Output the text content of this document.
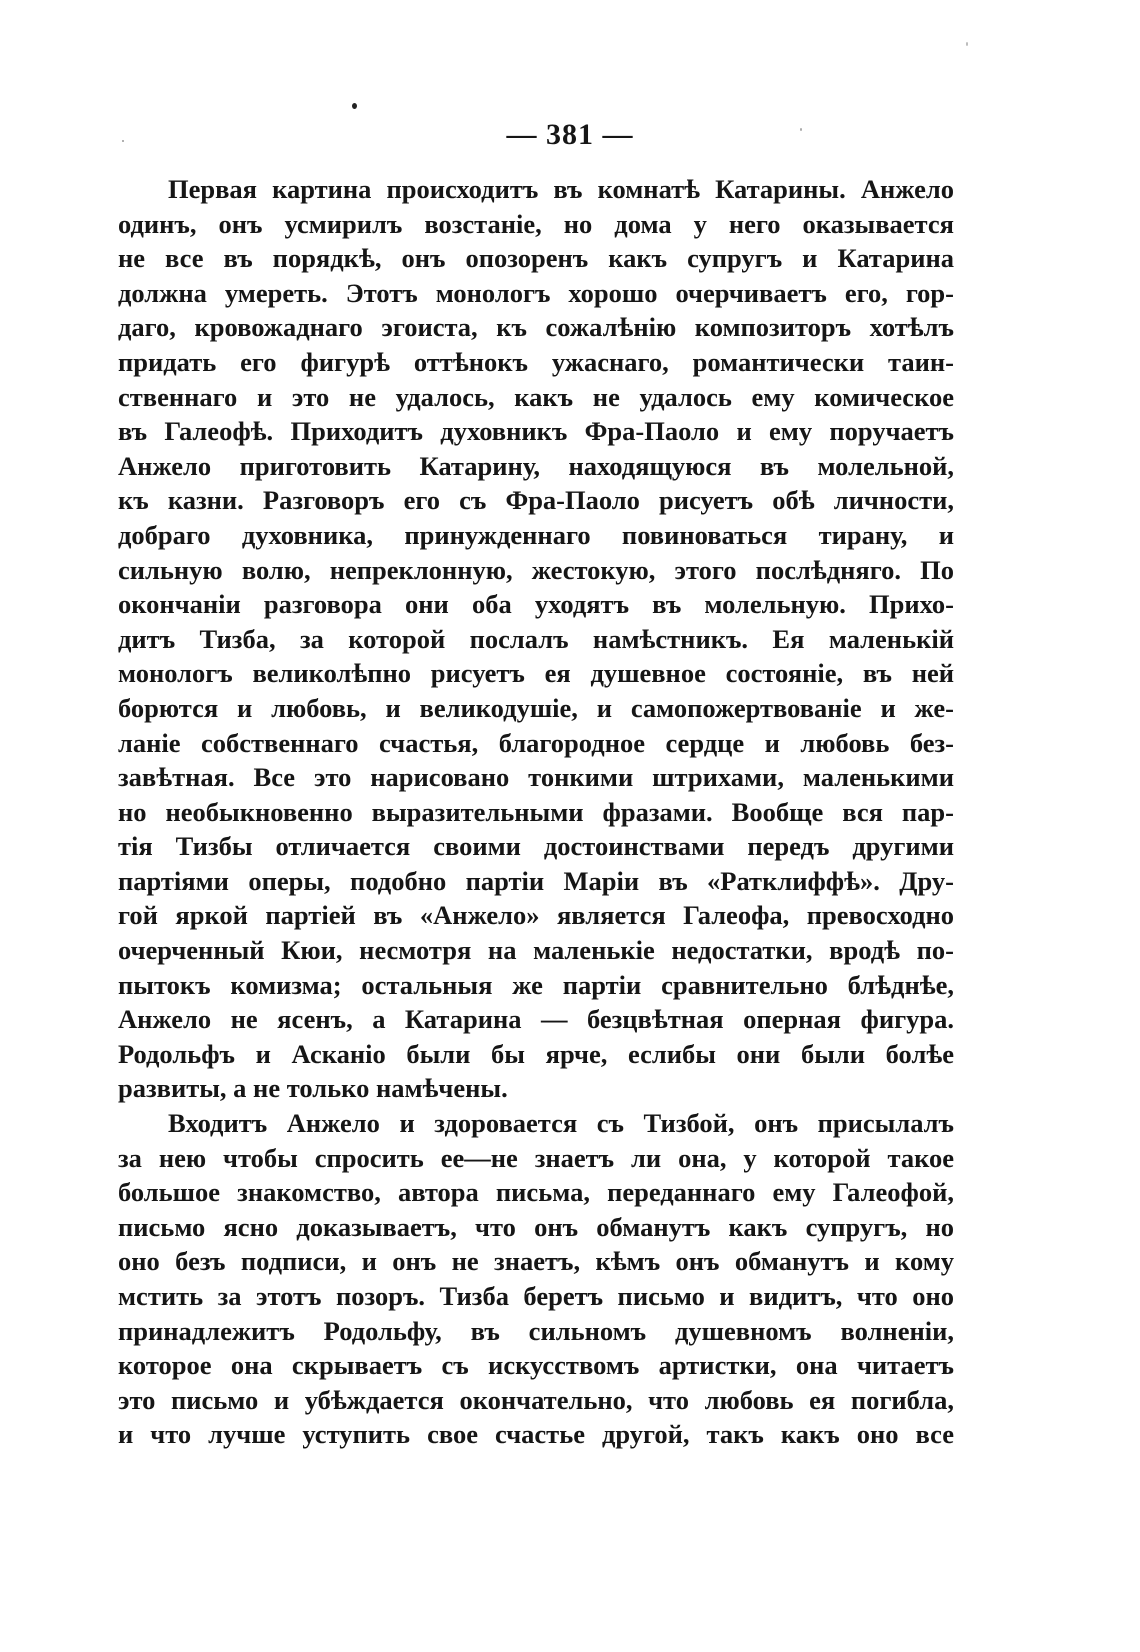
— 381 —
Первая картина происходитъ въ комнатѣ Катарины. Анжело
одинъ, онъ усмирилъ возстанiе, но дома у него оказывается
не все въ порядкѣ, онъ опозоренъ какъ супругъ и Катарина
должна умереть. Этотъ монологъ хорошо очерчиваетъ его, гор-
даго, кровожаднаго эгоиста, къ сожалѣнiю композиторъ хотѣлъ
придать его фигурѣ оттѣнокъ ужаснаго, романтически таин-
ственнаго и это не удалось, какъ не удалось ему комическое
въ Галеофѣ. Приходитъ духовникъ Фра-Паоло и ему поручаетъ
Анжело приготовить Катарину, находящуюся въ молельной,
къ казни. Разговоръ его съ Фра-Паоло рисуетъ обѣ личности,
добраго духовника, принужденнаго повиноваться тирану, и
сильную волю, непреклонную, жестокую, этого послѣдняго. По
окончанiи разговора они оба уходятъ въ молельную. Прихо-
дитъ Тизба, за которой послалъ намѣстникъ. Ея маленькiй
монологъ великолѣпно рисуетъ ея душевное состоянiе, въ ней
борются и любовь, и великодушiе, и самопожертвованiе и же-
ланiе собственнаго счастья, благородное сердце и любовь без-
завѣтная. Все это нарисовано тонкими штрихами, маленькими
но необыкновенно выразительными фразами. Вообще вся пар-
тiя Тизбы отличается своими достоинствами передъ другими
партiями оперы, подобно партiи Марiи въ «Ратклиффѣ». Дру-
гой яркой партiей въ «Анжело» является Галеофа, превосходно
очерченный Кюи, несмотря на маленькiе недостатки, вродѣ по-
пытокъ комизма; остальныя же партiи сравнительно блѣднѣе,
Анжело не ясенъ, а Катарина — безцвѣтная оперная фигура.
Родольфъ и Асканiо были бы ярче, еслибы они были болѣе
развиты, а не только намѣчены.
Входитъ Анжело и здоровается съ Тизбой, онъ присылалъ
за нею чтобы спросить ее—не знаетъ ли она, у которой такое
большое знакомство, автора письма, переданнаго ему Галеофой,
письмо ясно доказываетъ, что онъ обманутъ какъ супругъ, но
оно безъ подписи, и онъ не знаетъ, кѣмъ онъ обманутъ и кому
мстить за этотъ позоръ. Тизба беретъ письмо и видитъ, что оно
принадлежитъ Родольфу, въ сильномъ душевномъ волненiи,
которое она скрываетъ съ искусствомъ артистки, она читаетъ
это письмо и убѣждается окончательно, что любовь ея погибла,
и что лучше уступить свое счастье другой, такъ какъ оно все
